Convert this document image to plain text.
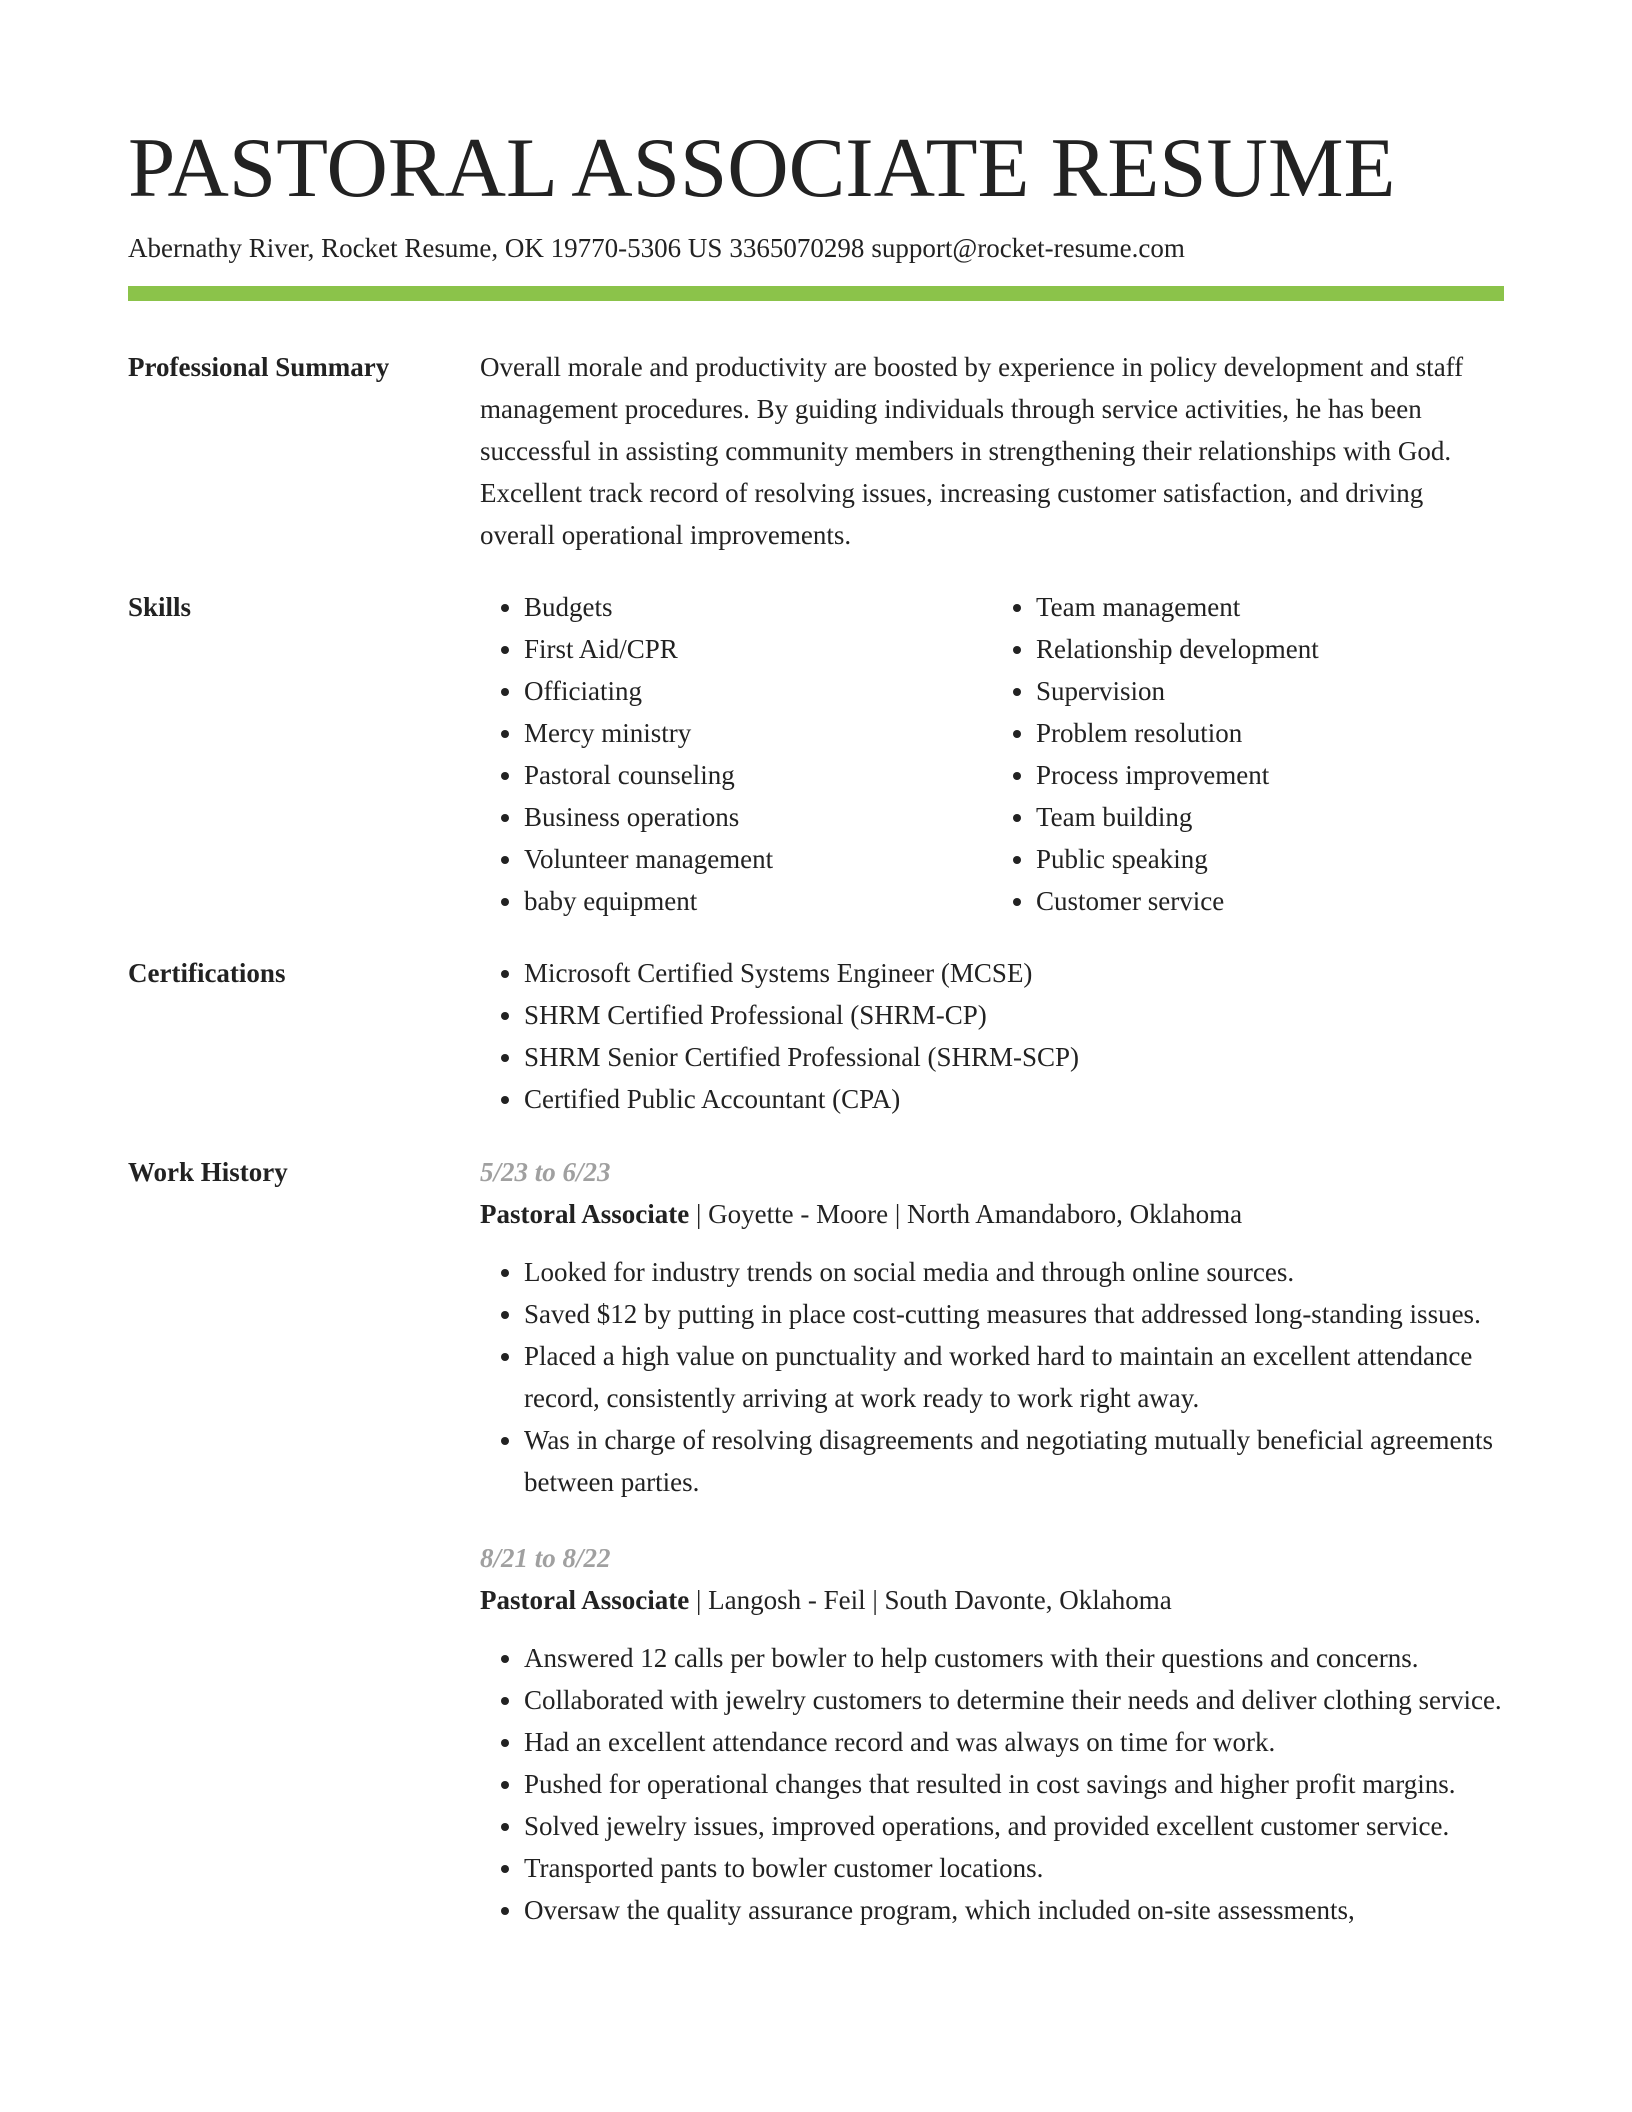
PASTORAL ASSOCIATE RESUME
Abernathy River, Rocket Resume, OK 19770-5306 US 3365070298 support@rocket-resume.com
Professional Summary	Overall morale and productivity are boosted by experience in policy development and staff management procedures. By guiding individuals through service activities, he has been successful in assisting community members in strengthening their relationships with God. Excellent track record of resolving issues, increasing customer satisfaction, and driving overall operational improvements.

Skills	• Budgets
• First Aid/CPR
• Officiating
• Mercy ministry
• Pastoral counseling
• Business operations
• Volunteer management
• baby equipment
• Team management
• Relationship development
• Supervision
• Problem resolution
• Process improvement
• Team building
• Public speaking
• Customer service
Certifications	• Microsoft Certified Systems Engineer (MCSE)
• SHRM Certified Professional (SHRM-CP)
• SHRM Senior Certified Professional (SHRM-SCP)
• Certified Public Accountant (CPA)
Work History	5/23 to 6/23
Pastoral Associate | Goyette - Moore | North Amandaboro, Oklahoma
• Looked for industry trends on social media and through online sources.
• Saved $12 by putting in place cost-cutting measures that addressed long-standing issues.
• Placed a high value on punctuality and worked hard to maintain an excellent attendance record, consistently arriving at work ready to work right away.
• Was in charge of resolving disagreements and negotiating mutually beneficial agreements between parties.
8/21 to 8/22
Pastoral Associate | Langosh - Feil | South Davonte, Oklahoma
• Answered 12 calls per bowler to help customers with their questions and concerns.
• Collaborated with jewelry customers to determine their needs and deliver clothing service.
• Had an excellent attendance record and was always on time for work.
• Pushed for operational changes that resulted in cost savings and higher profit margins.
• Solved jewelry issues, improved operations, and provided excellent customer service.
• Transported pants to bowler customer locations.
• Oversaw the quality assurance program, which included on-site assessments,
